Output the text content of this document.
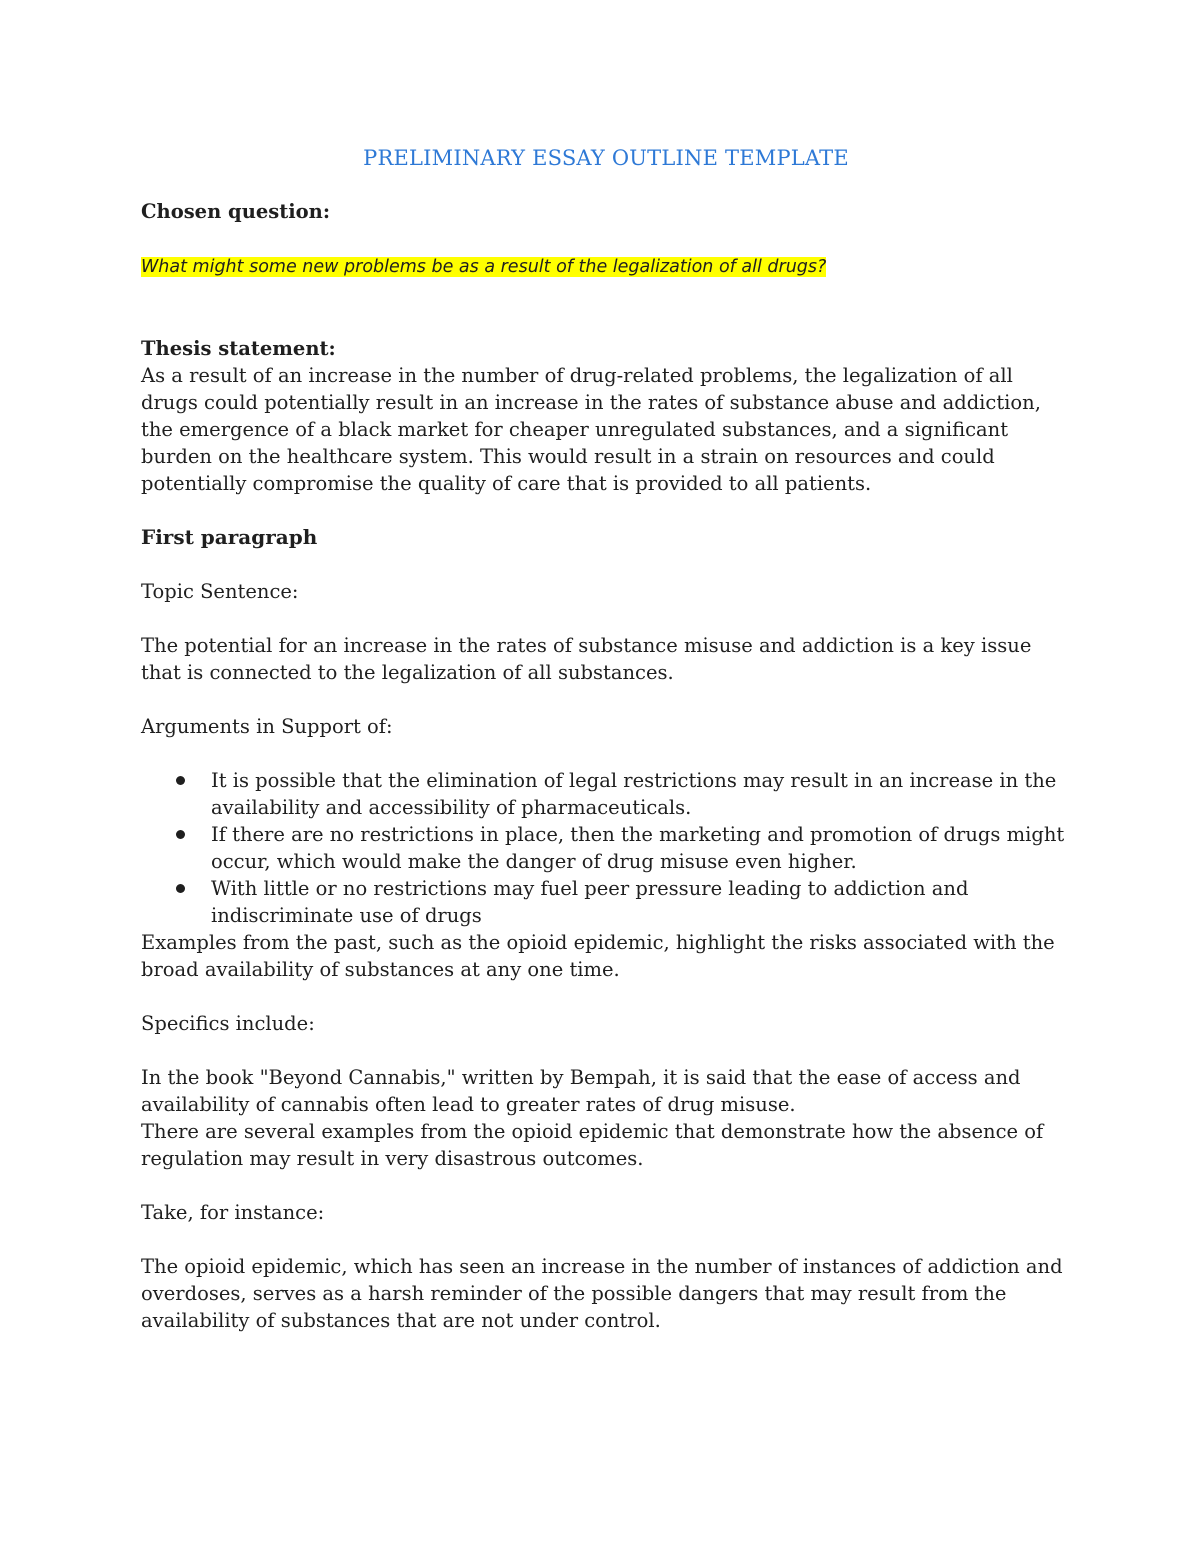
PRELIMINARY ESSAY OUTLINE TEMPLATE

Chosen question:

What might some new problems be as a result of the legalization of all drugs?

Thesis statement:

As a result of an increase in the number of drug-related problems, the legalization of all drugs could potentially result in an increase in the rates of substance abuse and addiction, the emergence of a black market for cheaper unregulated substances, and a significant burden on the healthcare system. This would result in a strain on resources and could potentially compromise the quality of care that is provided to all patients.

First paragraph

Topic Sentence:

The potential for an increase in the rates of substance misuse and addiction is a key issue that is connected to the legalization of all substances.

Arguments in Support of:

It is possible that the elimination of legal restrictions may result in an increase in the availability and accessibility of pharmaceuticals.
If there are no restrictions in place, then the marketing and promotion of drugs might occur, which would make the danger of drug misuse even higher.
With little or no restrictions may fuel peer pressure leading to addiction and indiscriminate use of drugs

Examples from the past, such as the opioid epidemic, highlight the risks associated with the broad availability of substances at any one time.

Specifics include:

In the book "Beyond Cannabis," written by Bempah, it is said that the ease of access and availability of cannabis often lead to greater rates of drug misuse.

There are several examples from the opioid epidemic that demonstrate how the absence of regulation may result in very disastrous outcomes.

Take, for instance:

The opioid epidemic, which has seen an increase in the number of instances of addiction and overdoses, serves as a harsh reminder of the possible dangers that may result from the availability of substances that are not under control.
